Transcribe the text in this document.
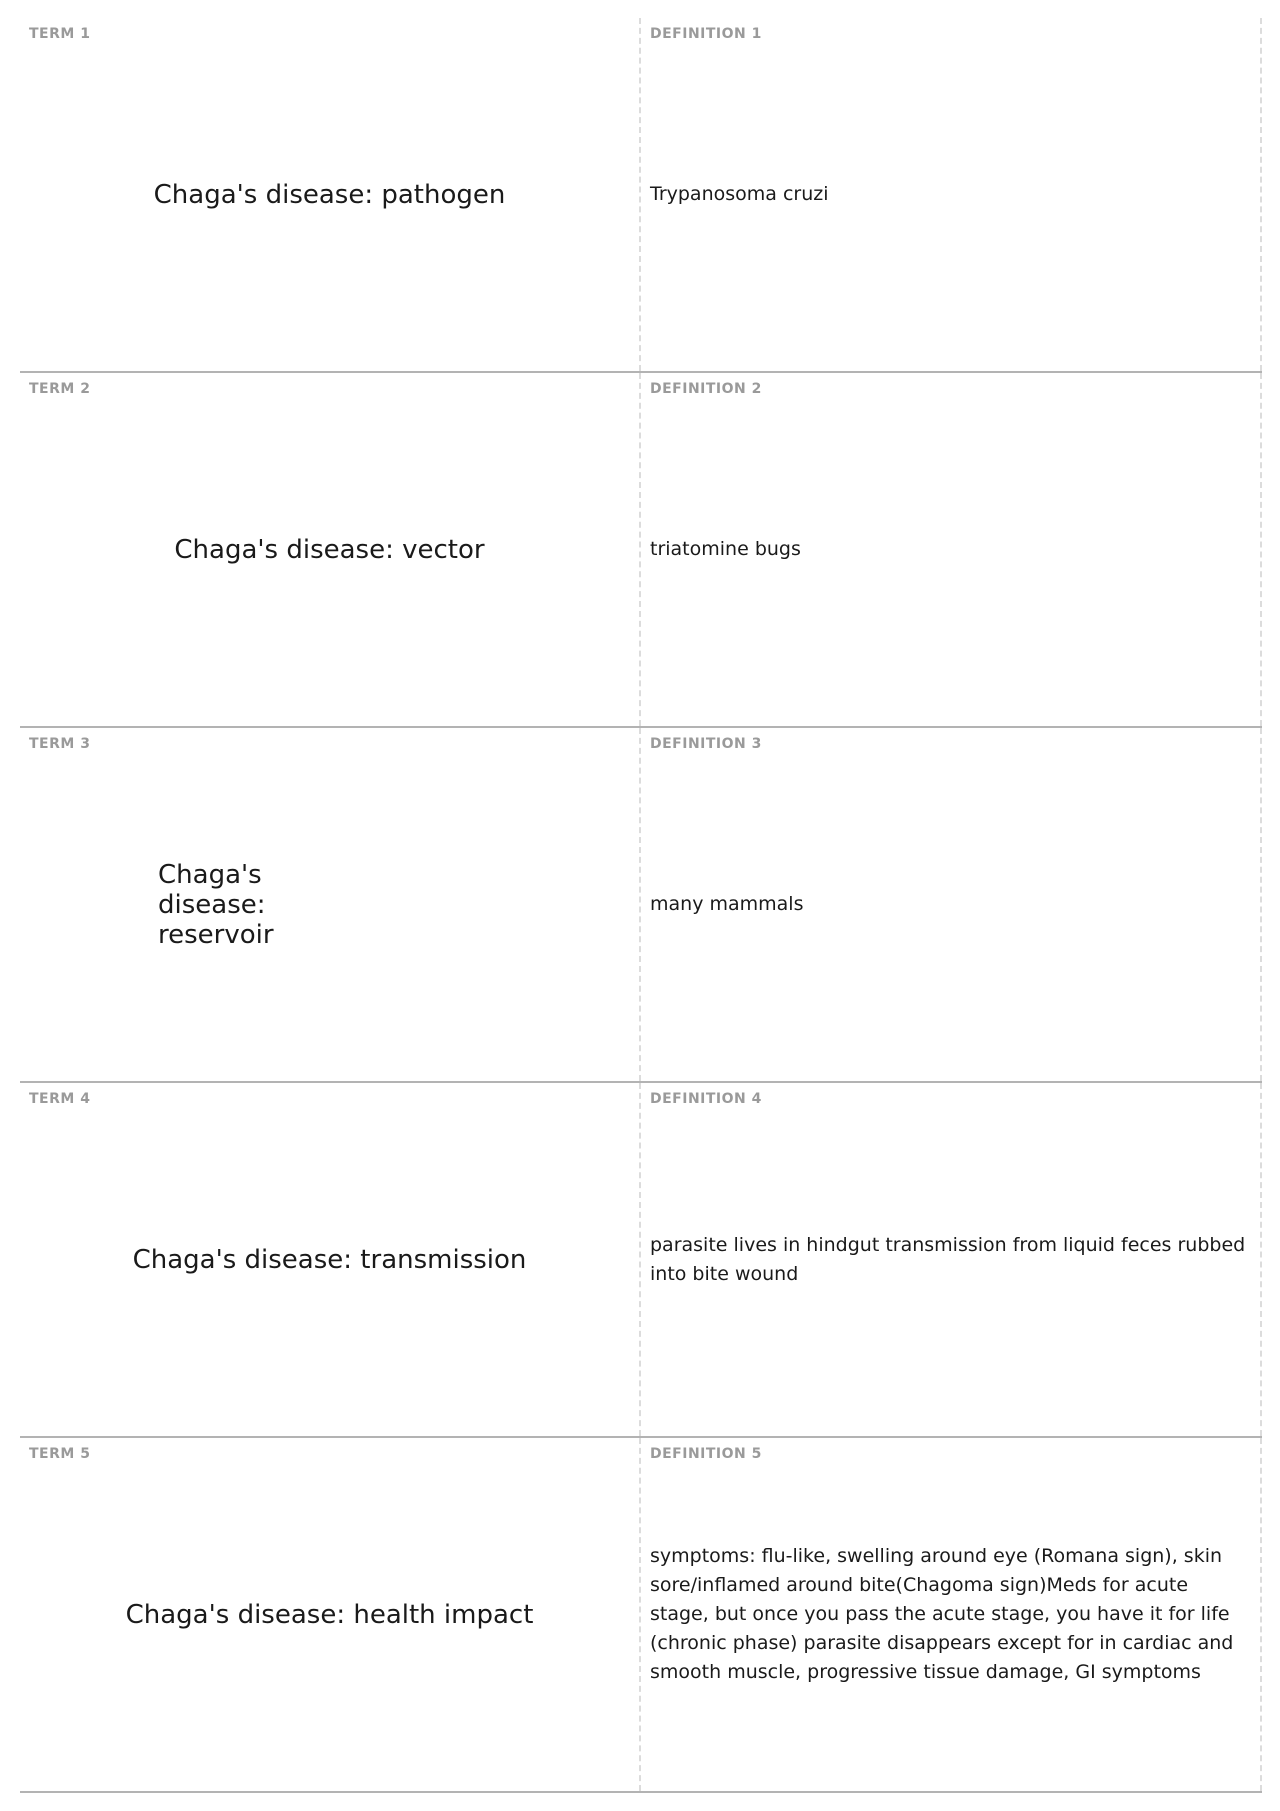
TERM 1
Chaga's disease: pathogen
DEFINITION 1
Trypanosoma cruzi
TERM 2
Chaga's disease: vector
DEFINITION 2
triatomine bugs
TERM 3
Chaga's disease: reservoir
DEFINITION 3
many mammals
TERM 4
Chaga's disease: transmission
DEFINITION 4
parasite lives in hindgut transmission from liquid feces rubbed into bite wound
TERM 5
Chaga's disease: health impact
DEFINITION 5
symptoms: flu-like, swelling around eye (Romana sign), skin sore/inflamed around bite(Chagoma sign)Meds for acute stage, but once you pass the acute stage, you have it for life (chronic phase) parasite disappears except for in cardiac and smooth muscle, progressive tissue damage, GI symptoms
